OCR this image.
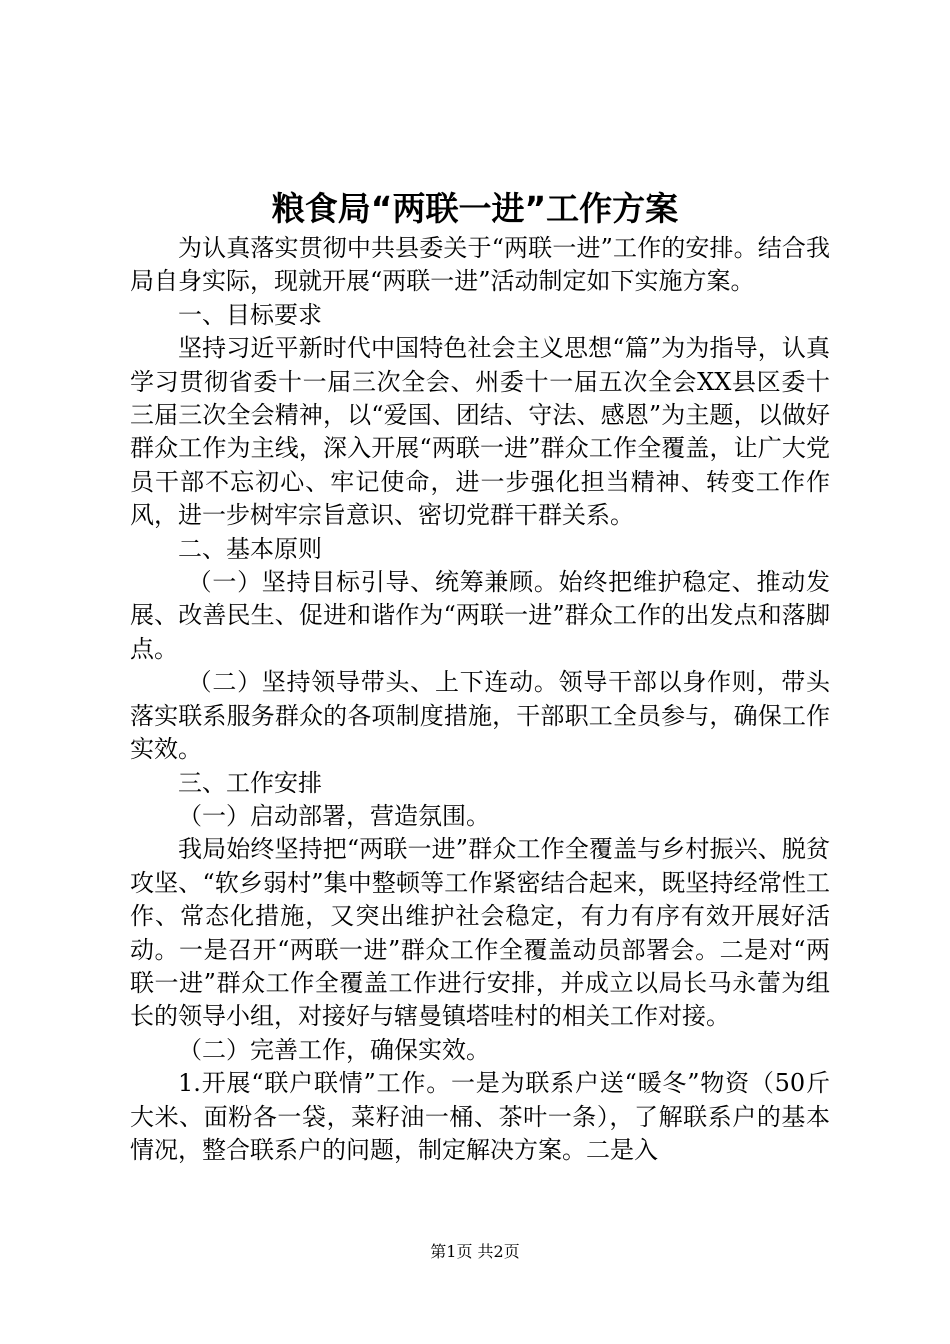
粮食局“两联一进”工作方案

为认真落实贯彻中共县委关于“两联一进”工作的安排。结合我局自身实际，现就开展“两联一进”活动制定如下实施方案。

一、目标要求

坚持习近平新时代中国特色社会主义思想“篇”为为指导，认真学习贯彻省委十一届三次全会、州委十一届五次全会XX县区委十三届三次全会精神，以“爱国、团结、守法、感恩”为主题，以做好群众工作为主线，深入开展“两联一进”群众工作全覆盖，让广大党员干部不忘初心、牢记使命，进一步强化担当精神、转变工作作风，进一步树牢宗旨意识、密切党群干群关系。

二、基本原则

（一）坚持目标引导、统筹兼顾。始终把维护稳定、推动发展、改善民生、促进和谐作为“两联一进”群众工作的出发点和落脚点。

（二）坚持领导带头、上下连动。领导干部以身作则，带头落实联系服务群众的各项制度措施，干部职工全员参与，确保工作实效。

三、工作安排

（一）启动部署，营造氛围。

我局始终坚持把“两联一进”群众工作全覆盖与乡村振兴、脱贫攻坚、“软乡弱村”集中整顿等工作紧密结合起来，既坚持经常性工作、常态化措施，又突出维护社会稳定，有力有序有效开展好活动。一是召开“两联一进”群众工作全覆盖动员部署会。二是对“两联一进”群众工作全覆盖工作进行安排，并成立以局长马永蕾为组长的领导小组，对接好与辖曼镇塔哇村的相关工作对接。

（二）完善工作，确保实效。

1.开展“联户联情”工作。一是为联系户送“暖冬”物资（50斤大米、面粉各一袋，菜籽油一桶、茶叶一条），了解联系户的基本情况，整合联系户的问题，制定解决方案。二是入

第1页 共2页
